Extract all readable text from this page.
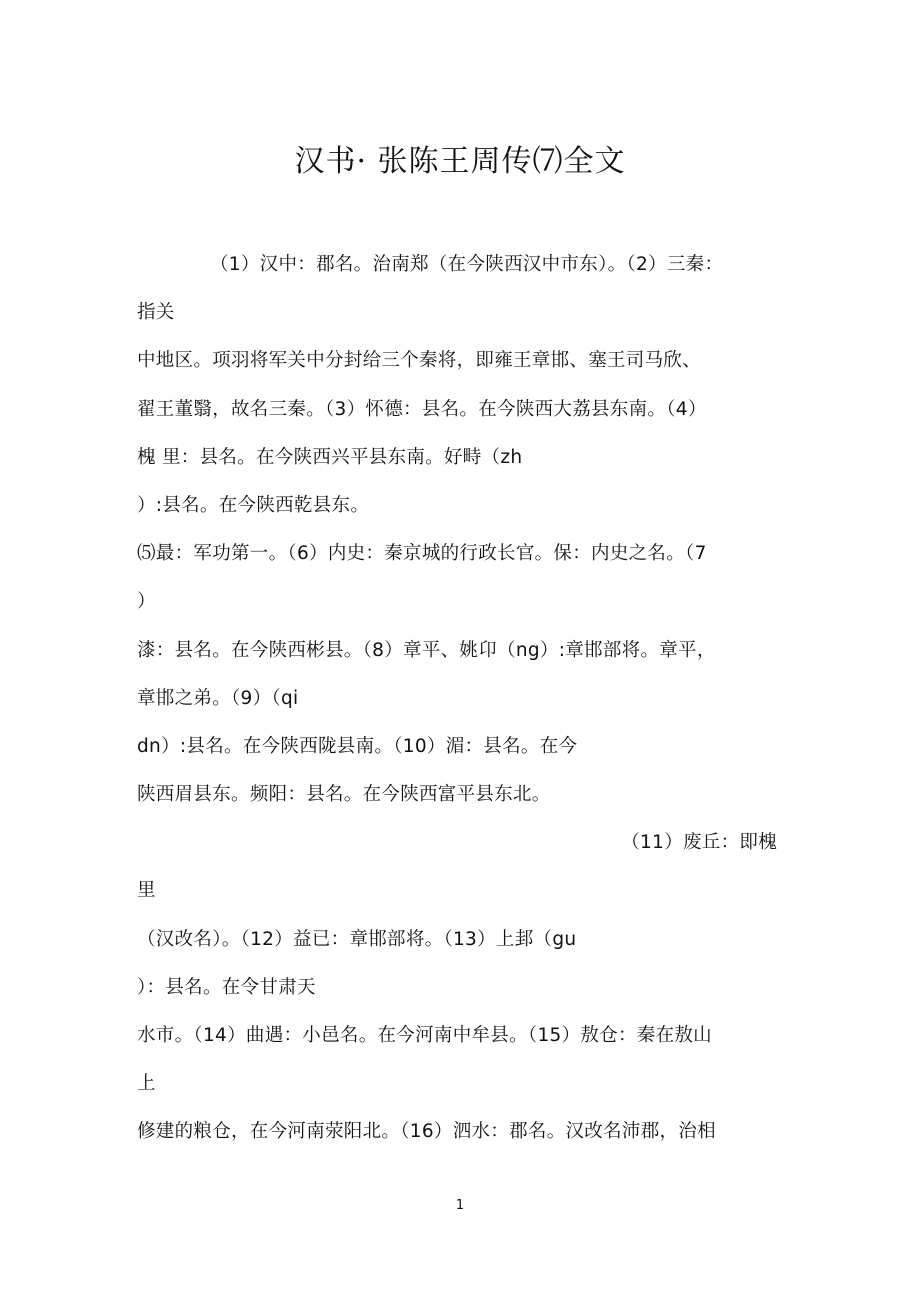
汉书· 张陈王周传⑺全文
（1）汉中：郡名。治南郑（在今陕西汉中市东）。（2）三秦：
指关
中地区。项羽将军关中分封给三个秦将，即雍王章邯、塞王司马欣、
翟王董翳，故名三秦。（3）怀德：县名。在今陕西大荔县东南。（4）
槐 里：县名。在今陕西兴平县东南。好畤（zh
）:县名。在今陕西乾县东。
⑸最：军功第一。（6）内史：秦京城的行政长官。保：内史之名。（7
）
漆：县名。在今陕西彬县。（8）章平、姚卬（ng）:章邯部将。章平，
章邯之弟。（9）（qi
dn）:县名。在今陕西陇县南。（10）湄：县名。在今
陕西眉县东。频阳：县名。在今陕西富平县东北。
（11）废丘：即槐
里
（汉改名）。（12）益已：章邯部将。（13）上邽（gu
）：县名。在令甘肃天
水市。（14）曲遇：小邑名。在今河南中牟县。（15）敖仓：秦在敖山
上
修建的粮仓，在今河南荥阳北。（16）泗水：郡名。汉改名沛郡，治相
1
